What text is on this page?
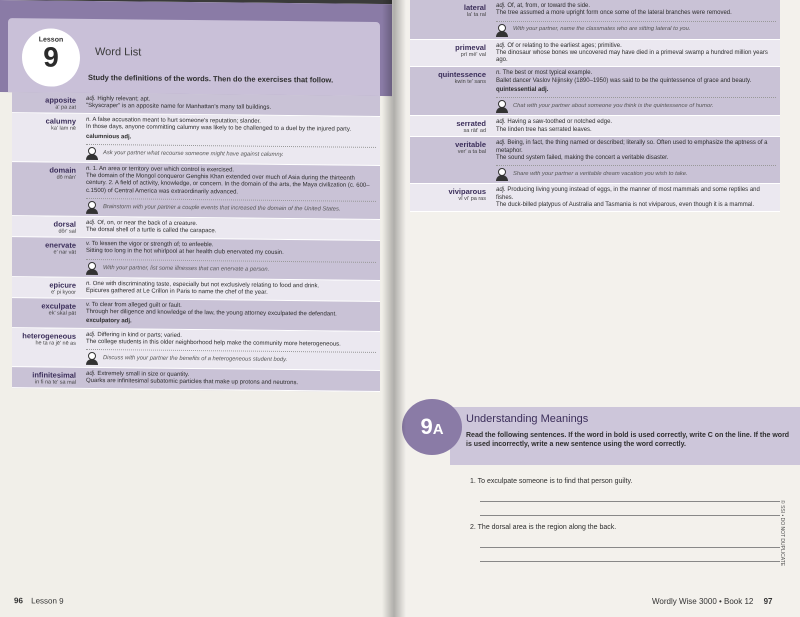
Lesson
9	Word List
Study the definitions of the words. Then do the exercises that follow.
apposite
a' pa zat
adj. Highly relevant; apt.
"Skyscraper" is an apposite name for Manhattan's many tall buildings.
calumny
ka' lam nē
n. A false accusation meant to hurt someone's reputation; slander.
In those days, anyone committing calumny was likely to be challenged to a duel by the injured party.
calumnious adj.
Ask your partner what recourse someone might have against calumny.
domain
dō mān'
n. 1. An area or territory over which control is exercised.
The domain of the Mongol conqueror Genghis Khan extended over much of Asia during the thirteenth century. 2. A field of activity, knowledge, or concern. In the domain of the arts, the Maya civilization (c. 600–c.1500) of Central America was extraordinarily advanced.
Brainstorm with your partner a couple events that increased the domain of the United States.
dorsal
dôr' sal
adj. Of, on, or near the back of a creature.
The dorsal shell of a turtle is called the carapace.
enervate
e' nar vāt
v. To lessen the vigor or strength of; to enfeeble.
Sitting too long in the hot whirlpool at her health club enervated my cousin.
With your partner, list some illnesses that can enervate a person.
epicure
e' pi kyoor
n. One with discriminating taste, especially but not exclusively relating to food and drink.
Epicures gathered at Le Crillon in Paris to name the chef of the year.
exculpate
ek' skal pāt
v. To clear from alleged guilt or fault.
Through her diligence and knowledge of the law, the young attorney exculpated the defendant.
exculpatory adj.
heterogeneous
he ta ra jē' nē as
adj. Differing in kind or parts; varied.
The college students in this older neighborhood help make the community more heterogeneous.
Discuss with your partner the benefits of a heterogeneous student body.
infinitesimal
in fi na te' sa mal
adj. Extremely small in size or quantity.
Quarks are infinitesimal subatomic particles that make up protons and neutrons.
96 Lesson 9
lateral
la' ta ral
adj. Of, at, from, or toward the side.
The tree assumed a more upright form once some of the lateral branches were removed.
With your partner, name the classmates who are sitting lateral to you.
primeval
prī mē' val
adj. Of or relating to the earliest ages; primitive.
The dinosaur whose bones we uncovered may have died in a primeval swamp a hundred million years ago.
quintessence
kwin te' sans
n. The best or most typical example.
Ballet dancer Vaslov Nijinsky (1890–1950) was said to be the quintessence of grace and beauty.
quintessential adj.
Chat with your partner about someone you think is the quintessence of humor.
serrated
sa rāt' ad
adj. Having a saw-toothed or notched edge.
The linden tree has serrated leaves.
veritable
ver' a ta bal
adj. Being, in fact, the thing named or described; literally so. Often used to emphasize the aptness of a metaphor.
The sound system failed, making the concert a veritable disaster.
Share with your partner a veritable dream vacation you wish to take.
viviparous
vī vi' pa ras
adj. Producing living young instead of eggs, in the manner of most mammals and some reptiles and fishes.
The duck-billed platypus of Australia and Tasmania is not viviparous, even though it is a mammal.
Understanding Meanings
Read the following sentences. If the word in bold is used correctly, write C on the line. If the word is used incorrectly, write a new sentence using the word correctly.
9A
1. To exculpate someone is to find that person guilty.
2. The dorsal area is the region along the back.	© SSI • DO NOT DUPLICATE
Wordly Wise 3000 • Book 12 97
